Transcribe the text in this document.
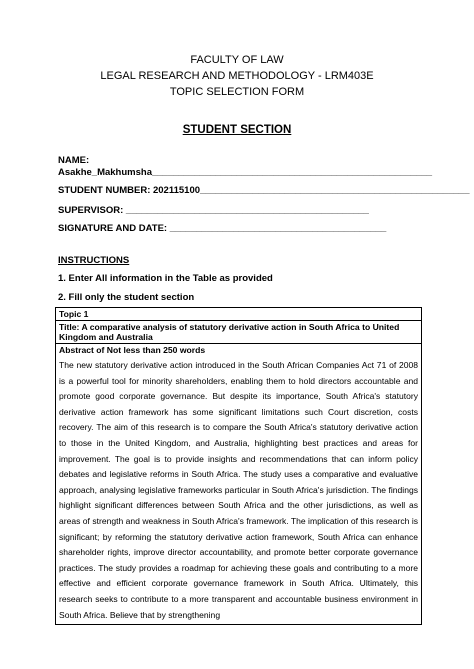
FACULTY OF LAW
LEGAL RESEARCH AND METHODOLOGY - LRM403E
TOPIC SELECTION FORM
STUDENT SECTION
NAME:
Asakhe_Makhumsha_____________________________________________________
STUDENT NUMBER: 202115100___________________________________________________
SUPERVISOR: ______________________________________________
SIGNATURE AND DATE: _________________________________________
INSTRUCTIONS
1. Enter All information in the Table as provided
2. Fill only the student section
Topic 1
Title: A comparative analysis of statutory derivative action in South Africa to United Kingdom and Australia

Abstract of Not less than 250 words
The new statutory derivative action introduced in the South African Companies Act 71 of 2008 is a powerful tool for minority shareholders, enabling them to hold directors accountable and promote good corporate governance. But despite its importance, South Africa's statutory derivative action framework has some significant limitations such Court discretion, costs recovery. The aim of this research is to compare the South Africa's statutory derivative action to those in the United Kingdom, and Australia, highlighting best practices and areas for improvement. The goal is to provide insights and recommendations that can inform policy debates and legislative reforms in South Africa. The study uses a comparative and evaluative approach, analysing legislative frameworks particular in South Africa's jurisdiction. The findings highlight significant differences between South Africa and the other jurisdictions, as well as areas of strength and weakness in South Africa's framework. The implication of this research is significant; by reforming the statutory derivative action framework, South Africa can enhance shareholder rights, improve director accountability, and promote better corporate governance practices. The study provides a roadmap for achieving these goals and contributing to a more effective and efficient corporate governance framework in South Africa. Ultimately, this research seeks to contribute to a more transparent and accountable business environment in South Africa. Believe that by strengthening
